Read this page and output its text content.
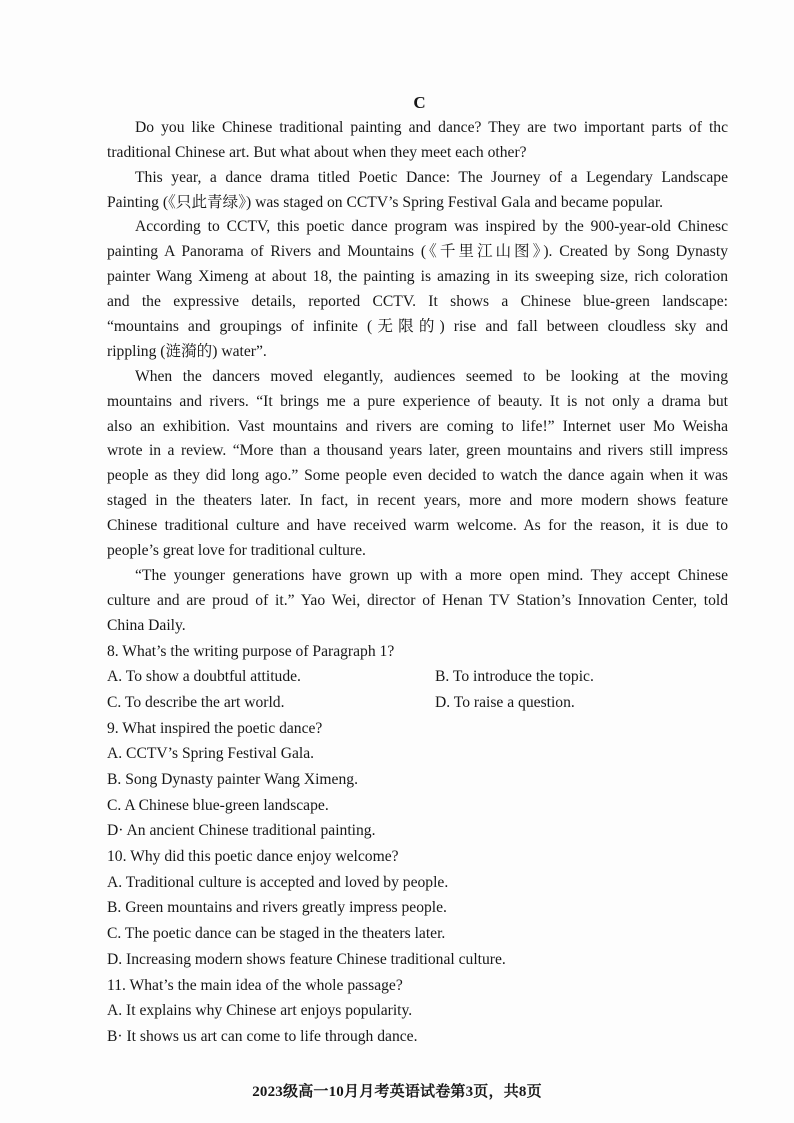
C
Do you like Chinese traditional painting and dance? They are two important parts of thc
traditional Chinese art. But what about when they meet each other?
This year, a dance drama titled Poetic Dance: The Journey of a Legendary Landscape
Painting (《只此青绿》) was staged on CCTV’s Spring Festival Gala and became popular.
According to CCTV, this poetic dance program was inspired by the 900-year-old Chinesc
painting A Panorama of Rivers and Mountains (《千里江山图》). Created by Song Dynasty
painter Wang Ximeng at about 18, the painting is amazing in its sweeping size, rich coloration
and the expressive details, reported CCTV. It shows a Chinese blue-green landscape:
“mountains and groupings of infinite (无限的) rise and fall between cloudless sky and
rippling (涟漪的) water”.
When the dancers moved elegantly, audiences seemed to be looking at the moving
mountains and rivers. “It brings me a pure experience of beauty. It is not only a drama but
also an exhibition. Vast mountains and rivers are coming to life!” Internet user Mo Weisha
wrote in a review. “More than a thousand years later, green mountains and rivers still impress
people as they did long ago.” Some people even decided to watch the dance again when it was
staged in the theaters later. In fact, in recent years, more and more modern shows feature
Chinese traditional culture and have received warm welcome. As for the reason, it is due to
people’s great love for traditional culture.
“The younger generations have grown up with a more open mind. They accept Chinese
culture and are proud of it.” Yao Wei, director of Henan TV Station’s Innovation Center, told
China Daily.
8. What’s the writing purpose of Paragraph 1?
A. To show a doubtful attitude.	B. To introduce the topic.
C. To describe the art world.	D. To raise a question.
9. What inspired the poetic dance?
A. CCTV’s Spring Festival Gala.
B. Song Dynasty painter Wang Ximeng.
C. A Chinese blue-green landscape.
D· An ancient Chinese traditional painting.
10. Why did this poetic dance enjoy welcome?
A. Traditional culture is accepted and loved by people.
B. Green mountains and rivers greatly impress people.
C. The poetic dance can be staged in the theaters later.
D. Increasing modern shows feature Chinese traditional culture.
11. What’s the main idea of the whole passage?
A. It explains why Chinese art enjoys popularity.
B· It shows us art can come to life through dance.
2023级高一10月月考英语试卷第3页，共8页
